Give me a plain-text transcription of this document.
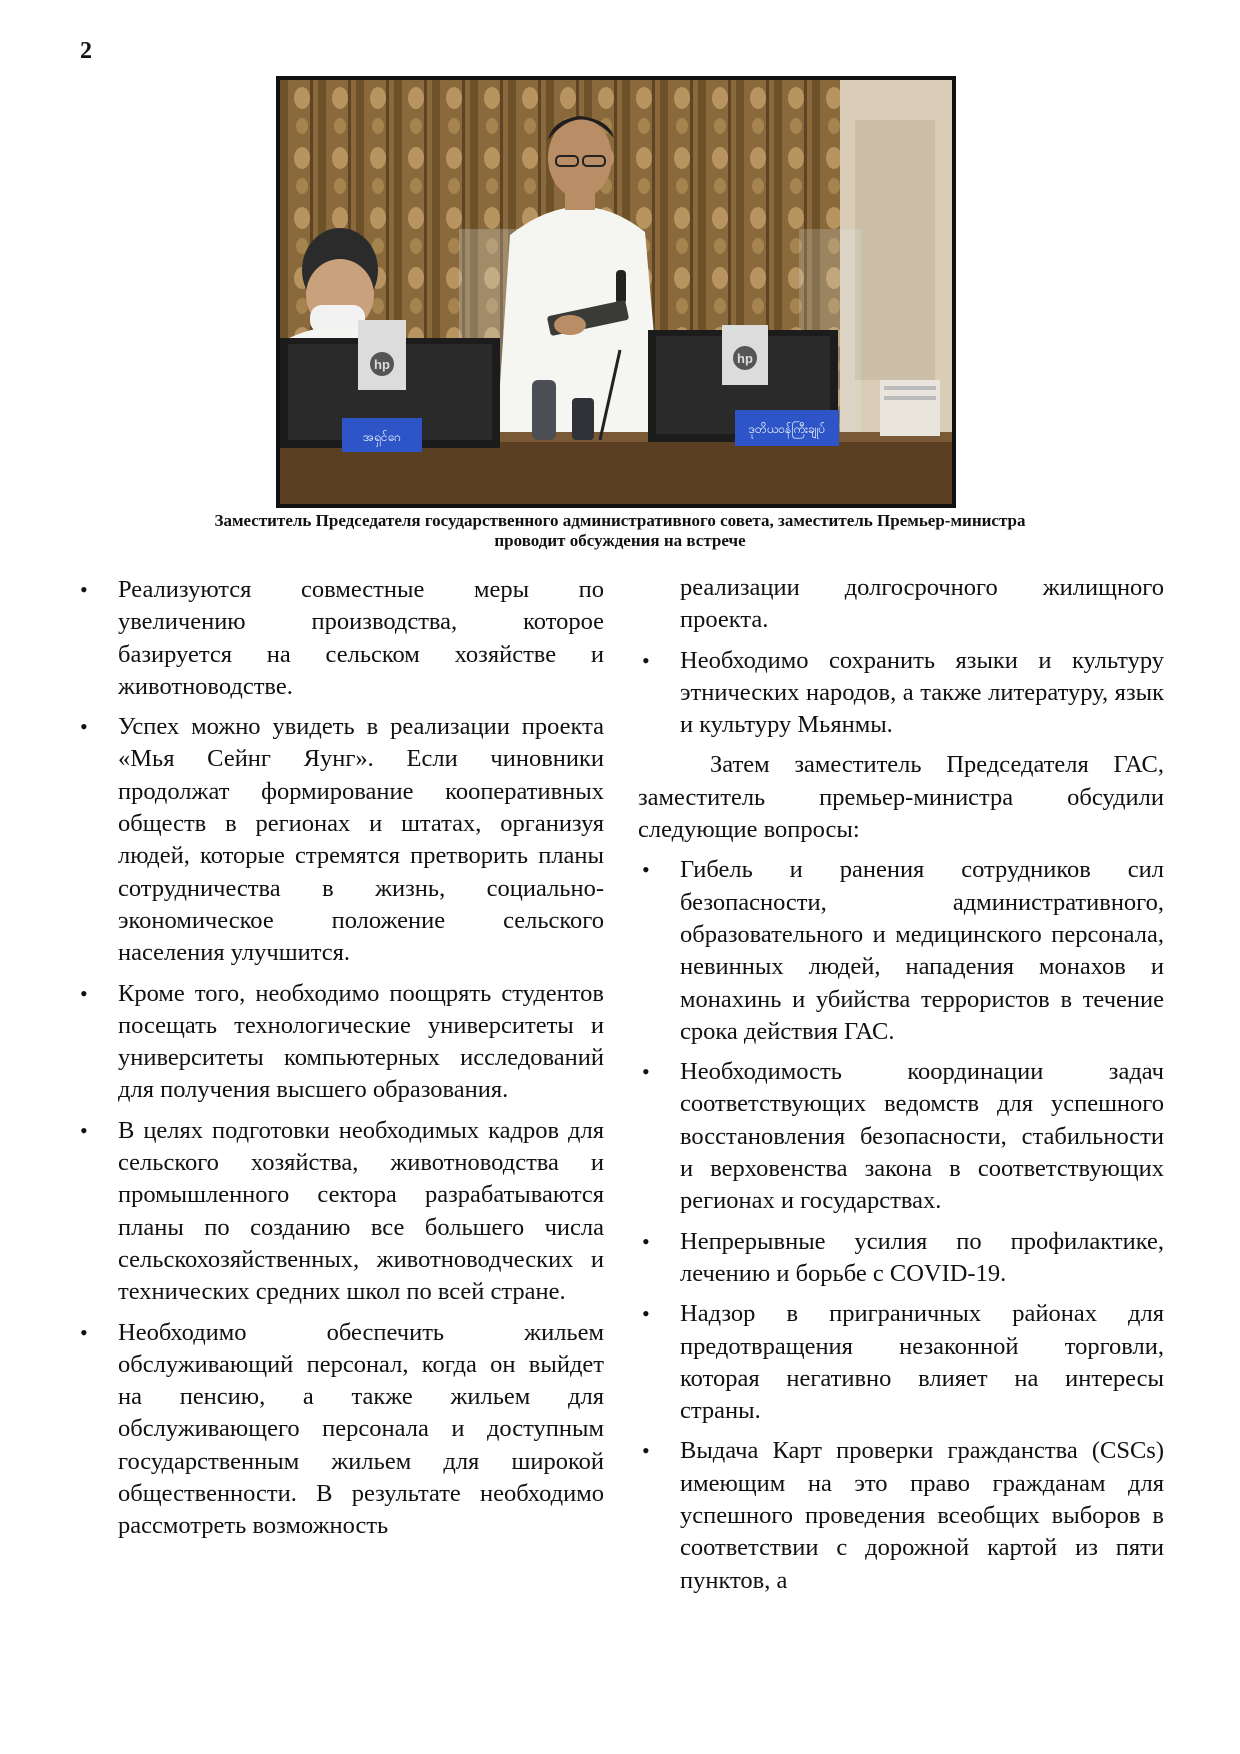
2
hp	hp
အရှင်ဂေ
ဒုတိယဝန်ကြီးချုပ်
Заместитель Председателя государственного административного совета, заместитель Премьер-министра
проводит обсуждения на встрече
• Реализуются совместные меры по увеличению производства, которое базируется на сельском хозяйстве и животноводстве.
• Успех можно увидеть в реализации проекта «Мья Сейнг Яунг». Если чиновники продолжат формирование кооперативных обществ в регионах и штатах, организуя людей, которые стремятся претворить планы сотрудничества в жизнь, социально-экономическое положение сельского населения улучшится.
• Кроме того, необходимо поощрять студентов посещать технологические университеты и университеты компьютерных исследований для получения высшего образования.
• В целях подготовки необходимых кадров для сельского хозяйства, животноводства и промышленного сектора разрабатываются планы по созданию все большего числа сельскохозяйственных, животноводческих и технических средних школ по всей стране.
• Необходимо обеспечить жильем обслуживающий персонал, когда он выйдет на пенсию, а также жильем для обслуживающего персонала и доступным государственным жильем для широкой общественности. В результате необходимо рассмотреть возможность
реализации долгосрочного жилищного проекта.
• Необходимо сохранить языки и культуру этнических народов, а также литературу, язык и культуру Мьянмы.

Затем заместитель Председателя ГАС, заместитель премьер-министра обсудили следующие вопросы:

• Гибель и ранения сотрудников сил безопасности, административного, образовательного и медицинского персонала, невинных людей, нападения монахов и монахинь и убийства террористов в течение срока действия ГАС.
• Необходимость координации задач соответствующих ведомств для успешного восстановления безопасности, стабильности и верховенства закона в соответствующих регионах и государствах.
• Непрерывные усилия по профилактике, лечению и борьбе с COVID-19.
• Надзор в приграничных районах для предотвращения незаконной торговли, которая негативно влияет на интересы страны.
• Выдача Карт проверки гражданства (CSCs) имеющим на это право гражданам для успешного проведения всеобщих выборов в соответствии с дорожной картой из пяти пунктов, а
